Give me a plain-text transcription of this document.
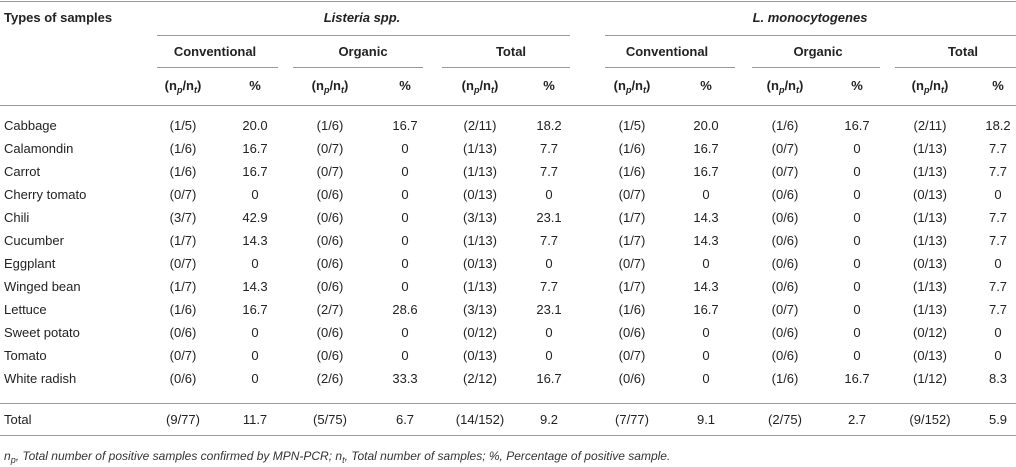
Types of samples	Listeria spp.	L. monocytogenes
Conventional	Organic	Total	Conventional	Organic	Total
$(n_p/n_t)$	%	$(n_p/n_t)$	%	$(n_p/n_t)$	%	$(n_p/n_t)$	%	$(n_p/n_t)$	%	$(n_p/n_t)$	%
Cabbage	(1/5)	20.0	(1/6)	16.7	(2/11)	18.2	(1/5)	20.0	(1/6)	16.7	(2/11)	18.2
Calamondin	(1/6)	16.7	(0/7)	0	(1/13)	7.7	(1/6)	16.7	(0/7)	0	(1/13)	7.7
Carrot	(1/6)	16.7	(0/7)	0	(1/13)	7.7	(1/6)	16.7	(0/7)	0	(1/13)	7.7
Cherry tomato	(0/7)	0	(0/6)	0	(0/13)	0	(0/7)	0	(0/6)	0	(0/13)	0
Chili	(3/7)	42.9	(0/6)	0	(3/13)	23.1	(1/7)	14.3	(0/6)	0	(1/13)	7.7
Cucumber	(1/7)	14.3	(0/6)	0	(1/13)	7.7	(1/7)	14.3	(0/6)	0	(1/13)	7.7
Eggplant	(0/7)	0	(0/6)	0	(0/13)	0	(0/7)	0	(0/6)	0	(0/13)	0
Winged bean	(1/7)	14.3	(0/6)	0	(1/13)	7.7	(1/7)	14.3	(0/6)	0	(1/13)	7.7
Lettuce	(1/6)	16.7	(2/7)	28.6	(3/13)	23.1	(1/6)	16.7	(0/7)	0	(1/13)	7.7
Sweet potato	(0/6)	0	(0/6)	0	(0/12)	0	(0/6)	0	(0/6)	0	(0/12)	0
Tomato	(0/7)	0	(0/6)	0	(0/13)	0	(0/7)	0	(0/6)	0	(0/13)	0
White radish	(0/6)	0	(2/6)	33.3	(2/12)	16.7	(0/6)	0	(1/6)	16.7	(1/12)	8.3
Total	(9/77)	11.7	(5/75)	6.7	(14/152)	9.2	(7/77)	9.1	(2/75)	2.7	(9/152)	5.9
$n_p$, Total number of positive samples confirmed by MPN-PCR; $n_t$, Total number of samples; %, Percentage of positive sample.
